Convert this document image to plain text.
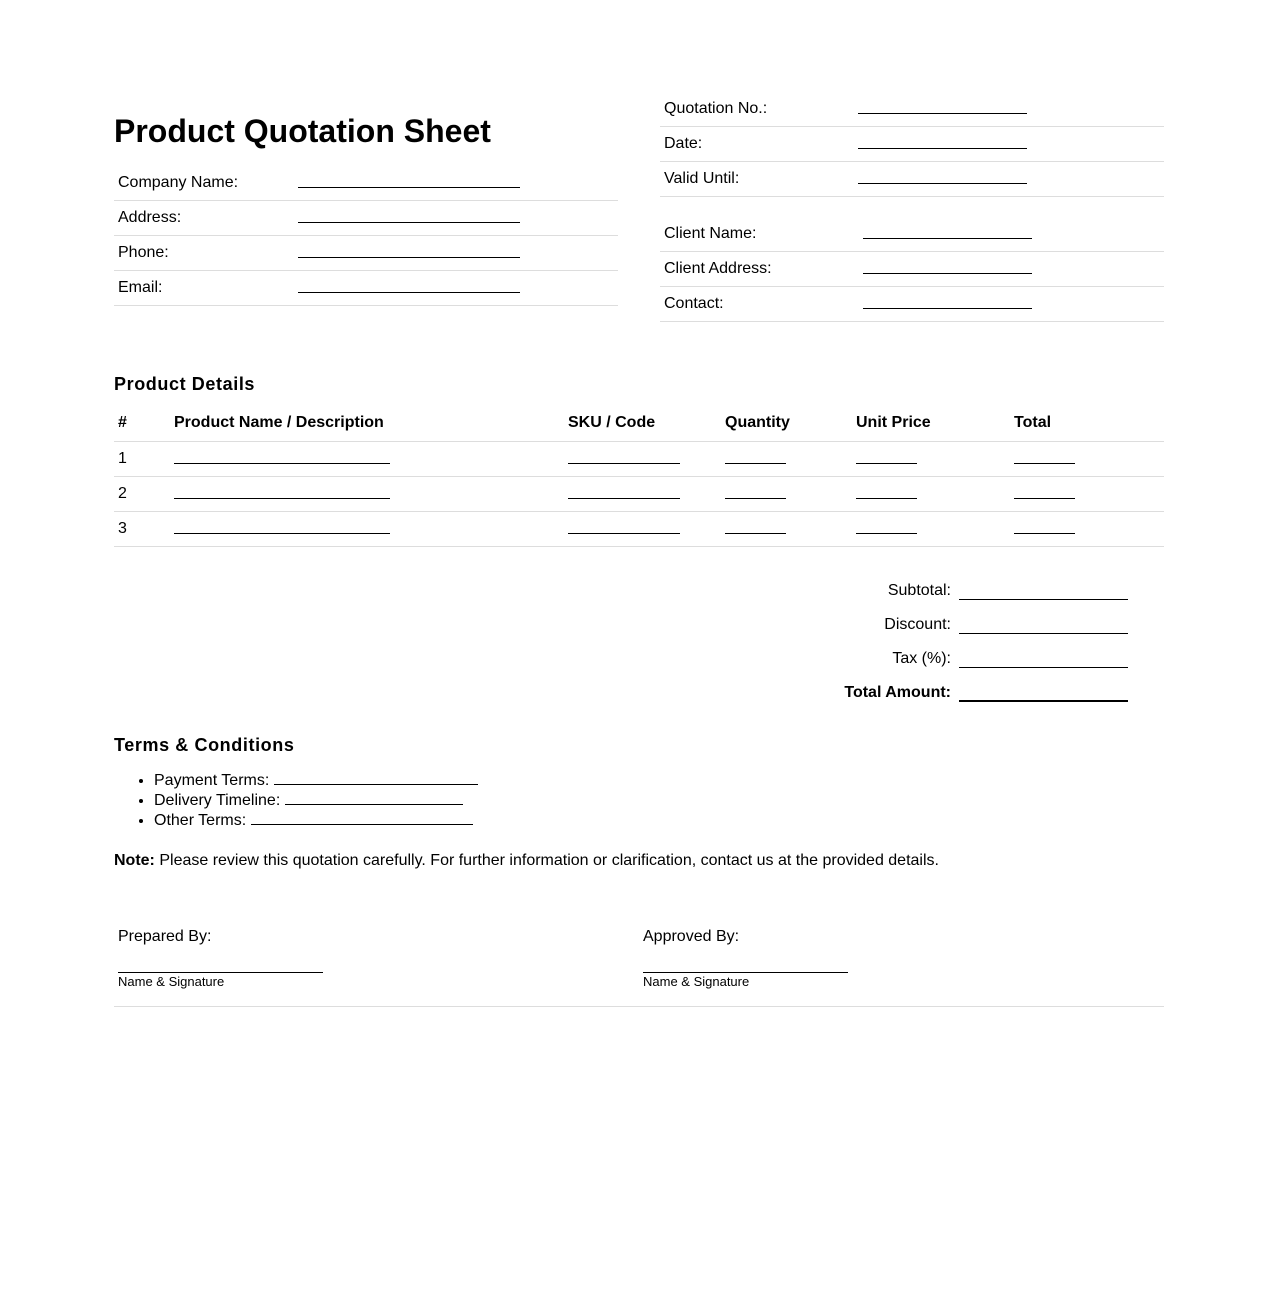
Product Quotation Sheet
Company Name:	
Address:	
Phone:	
Email:	
Quotation No.:	
Date:	
Valid Until:	
Client Name:	
Client Address:	
Contact:	
Product Details
#	Product Name / Description	SKU / Code	Quantity	Unit Price	Total
1					
2					
3					
Subtotal:
Discount:
Tax (%):
Total Amount:
Terms & Conditions
• Payment Terms:
• Delivery Timeline:
• Other Terms:

Note: Please review this quotation carefully. For further information or clarification, contact us at the provided details.

Prepared By:
Name & Signature
Approved By:
Name & Signature
